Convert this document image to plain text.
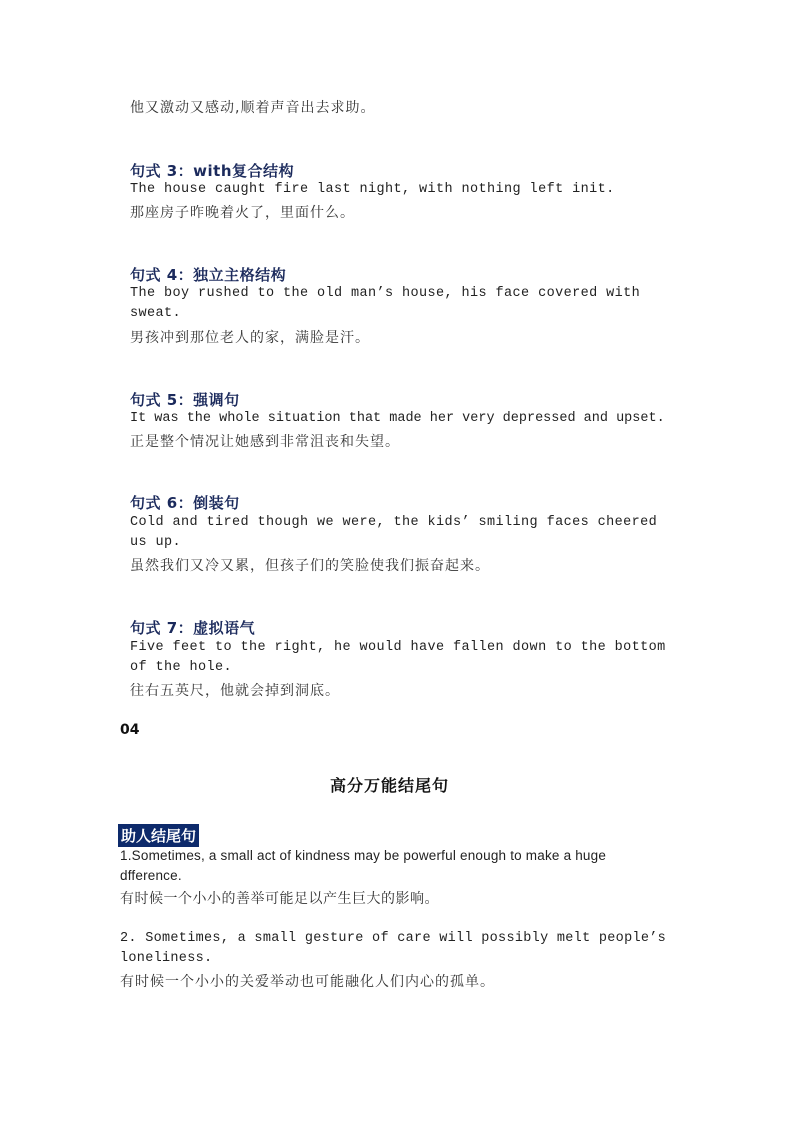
他又激动又感动,顺着声音出去求助。
句式 3：with复合结构
The house caught fire last night, with nothing left init.
那座房子昨晚着火了，里面什么。
句式 4：独立主格结构
The boy rushed to the old man’s house, his face covered with
sweat.
男孩冲到那位老人的家，满脸是汗。
句式 5：强调句
It was the whole situation that made her very depressed and upset.
正是整个情况让她感到非常沮丧和失望。
句式 6：倒装句
Cold and tired though we were, the kids’ smiling faces cheered
us up.
虽然我们又冷又累，但孩子们的笑脸使我们振奋起来。
句式 7：虚拟语气
Five feet to the right, he would have fallen down to the bottom
of the hole.
往右五英尺，他就会掉到洞底。
04
高分万能结尾句
助人结尾句
1.Sometimes, a small act of kindness may be powerful enough to make a huge
dfference.
有时候一个小小的善举可能足以产生巨大的影响。
2. Sometimes, a small gesture of care will possibly melt people’s
loneliness.
有时候一个小小的关爱举动也可能融化人们内心的孤单。
